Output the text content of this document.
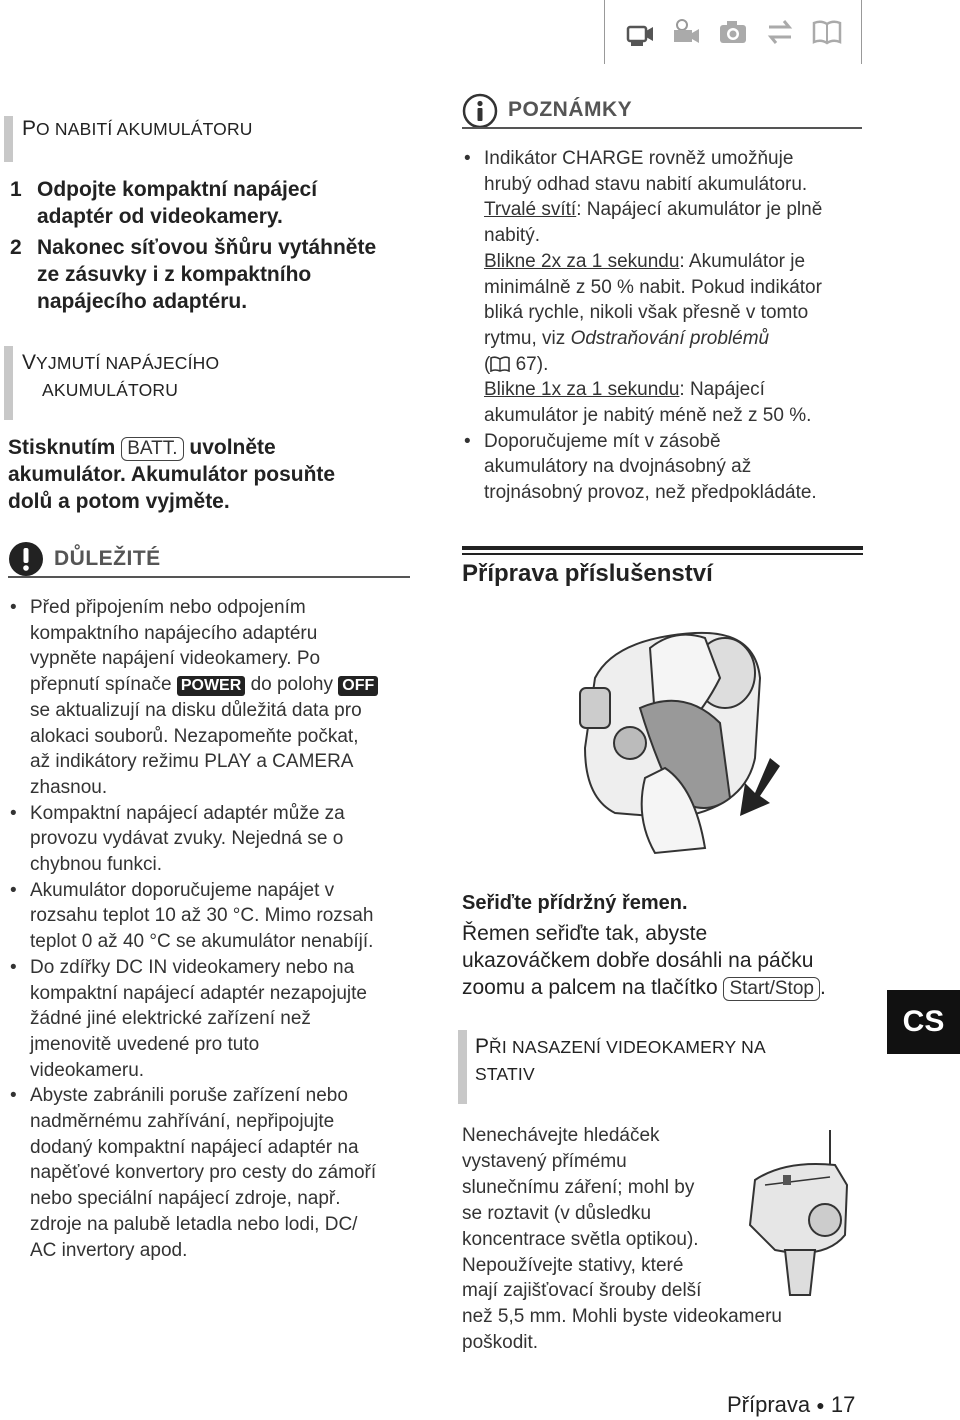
PO NABITÍ AKUMULÁTORU
1 Odpojte kompaktní napájecí
adaptér od videokamery.
2 Nakonec síťovou šňůru vytáhněte
ze zásuvky i z kompaktního
napájecího adaptéru.
VYJMUTÍ NAPÁJECÍHO
AKUMULÁTORU
Stisknutím BATT. uvolněte
akumulátor. Akumulátor posuňte
dolů a potom vyjměte.
DŮLEŽITÉ
• Před připojením nebo odpojením
kompaktního napájecího adaptéru
vypněte napájení videokamery. Po
přepnutí spínače POWER do polohy OFF
se aktualizují na disku důležitá data pro
alokaci souborů. Nezapomeňte počkat,
až indikátory režimu PLAY a CAMERA
zhasnou.
• Kompaktní napájecí adaptér může za
provozu vydávat zvuky. Nejedná se o
chybnou funkci.
• Akumulátor doporučujeme napájet v
rozsahu teplot 10 až 30 °C. Mimo rozsah
teplot 0 až 40 °C se akumulátor nenabíjí.
• Do zdířky DC IN videokamery nebo na
kompaktní napájecí adaptér nezapojujte
žádné jiné elektrické zařízení než
jmenovitě uvedené pro tuto
videokameru.
• Abyste zabránili poruše zařízení nebo
nadměrnému zahřívání, nepřipojujte
dodaný kompaktní napájecí adaptér na
napěťové konvertory pro cesty do zámoří
nebo speciální napájecí zdroje, např.
zdroje na palubě letadla nebo lodi, DC/
AC invertory apod.
POZNÁMKY
• Indikátor CHARGE rovněž umožňuje
hrubý odhad stavu nabití akumulátoru.
Trvalé svítí: Napájecí akumulátor je plně
nabitý.
Blikne 2x za 1 sekundu: Akumulátor je
minimálně z 50 % nabit. Pokud indikátor
bliká rychle, nikoli však přesně v tomto
rytmu, viz Odstraňování problémů
( 67).
Blikne 1x za 1 sekundu: Napájecí
akumulátor je nabitý méně než z 50 %.
• Doporučujeme mít v zásobě
akumulátory na dvojnásobný až
trojnásobný provoz, než předpokládáte.
Příprava příslušenství
Seřiďte přídržný řemen.
Řemen seřiďte tak, abyste
ukazováčkem dobře dosáhli na páčku
zoomu a palcem na tlačítko Start/Stop .
PŘI NASAZENÍ VIDEOKAMERY NA
STATIV
Nenechávejte hledáček
vystavený přímému
slunečnímu záření; mohl by
se roztavit (v důsledku
koncentrace světla optikou).
Nepoužívejte stativy, které
mají zajišťovací šrouby delší
než 5,5 mm. Mohli byste videokameru
poškodit.
CS
Příprava ● 17
